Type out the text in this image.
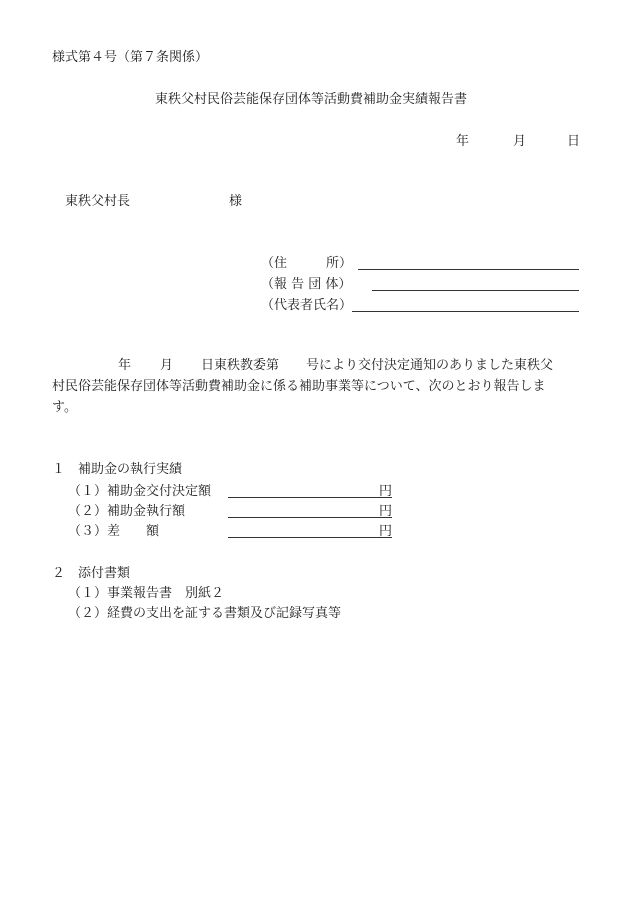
様式第４号（第７条関係）
東秩父村民俗芸能保存団体等活動費補助金実績報告書
年	月	日
東秩父村長	様
（住　　　所）
（報 告 団 体）
（代表者氏名）
年 月 日東秩教委第 号により交付決定通知のありました東秩父
村民俗芸能保存団体等活動費補助金に係る補助事業等について、次のとおり報告しま
す。
１　補助金の執行実績
（１）補助金交付決定額	円
（２）補助金執行額	円
（３）差　　額	円
２　添付書類
（１）事業報告書　別紙２
（２）経費の支出を証する書類及び記録写真等
